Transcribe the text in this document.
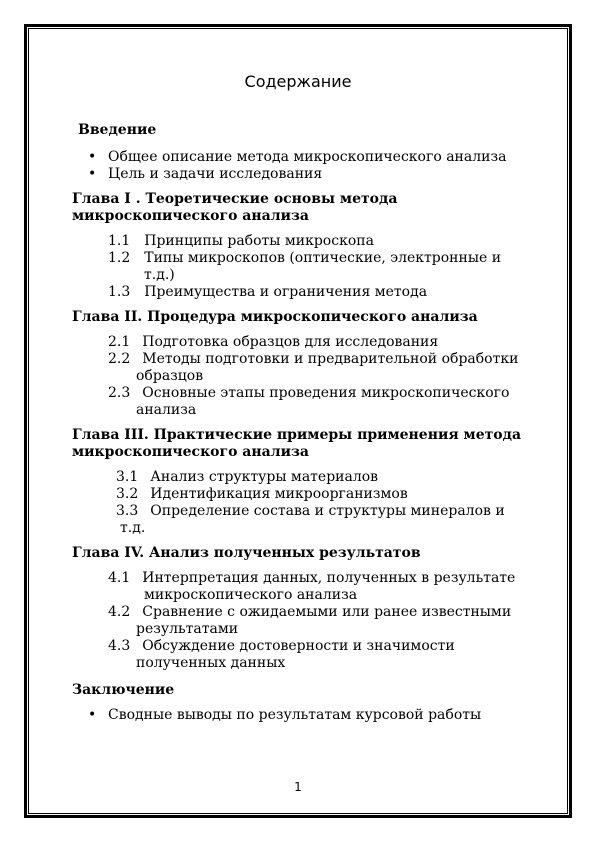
Содержание
Введение
• Общее описание метода микроскопического анализа
• Цель и задачи исследования
Глава I . Теоретические основы метода
микроскопического анализа
1.1 Принципы работы микроскопа
1.2 Типы микроскопов (оптические, электронные и
т.д.)
1.3 Преимущества и ограничения метода
Глава II. Процедура микроскопического анализа
2.1 Подготовка образцов для исследования
2.2 Методы подготовки и предварительной обработки
образцов
2.3 Основные этапы проведения микроскопического
анализа
Глава III. Практические примеры применения метода
микроскопического анализа
3.1 Анализ структуры материалов
3.2 Идентификация микроорганизмов
3.3 Определение состава и структуры минералов и
т.д.
Глава IV. Анализ полученных результатов
4.1 Интерпретация данных, полученных в результате
микроскопического анализа
4.2 Сравнение с ожидаемыми или ранее известными
результатами
4.3 Обсуждение достоверности и значимости
полученных данных
Заключение
• Сводные выводы по результатам курсовой работы
1
